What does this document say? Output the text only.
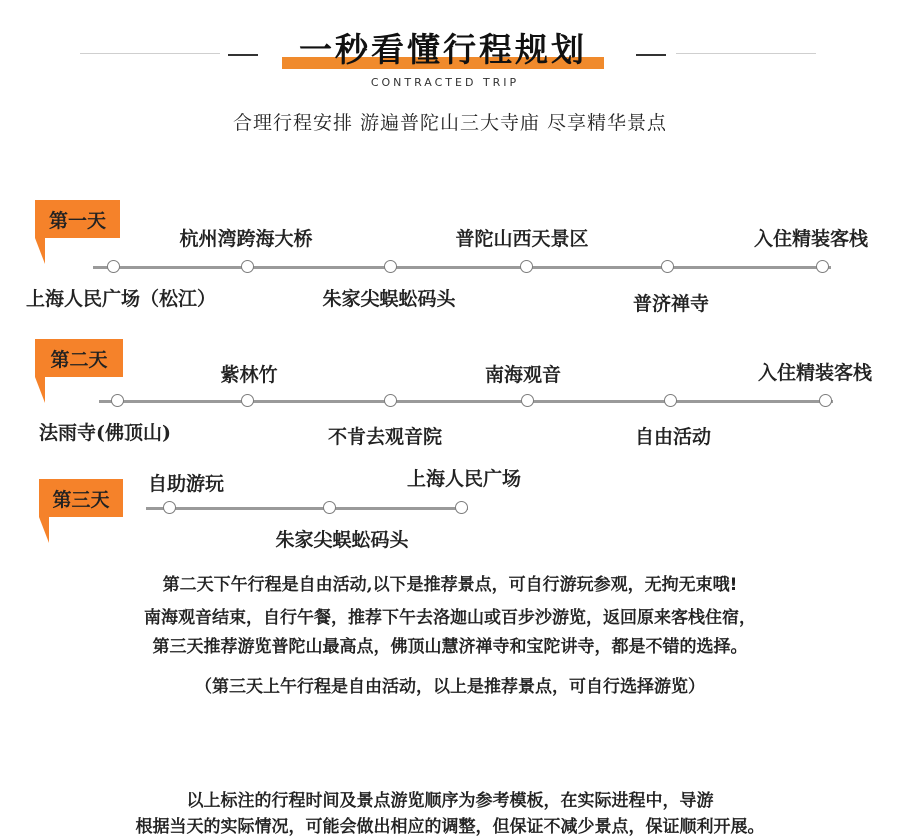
一秒看懂行程规划
CONTRACTED TRIP
合理行程安排 游遍普陀山三大寺庙 尽享精华景点
第一天
杭州湾跨海大桥	普陀山西天景区	入住精装客栈
上海人民广场（松江）	朱家尖蜈蚣码头	普济禅寺
第二天
紫林竹	南海观音	入住精装客栈
法雨寺(佛顶山)	不肯去观音院	自由活动
第三天
自助游玩	上海人民广场
朱家尖蜈蚣码头
第二天下午行程是自由活动,以下是推荐景点，可自行游玩参观，无拘无束哦!
南海观音结束，自行午餐，推荐下午去洛迦山或百步沙游览，返回原来客栈住宿，
第三天推荐游览普陀山最高点，佛顶山慧济禅寺和宝陀讲寺，都是不错的选择。
（第三天上午行程是自由活动，以上是推荐景点，可自行选择游览）
以上标注的行程时间及景点游览顺序为参考模板，在实际进程中，导游
根据当天的实际情况，可能会做出相应的调整，但保证不减少景点，保证顺利开展。
